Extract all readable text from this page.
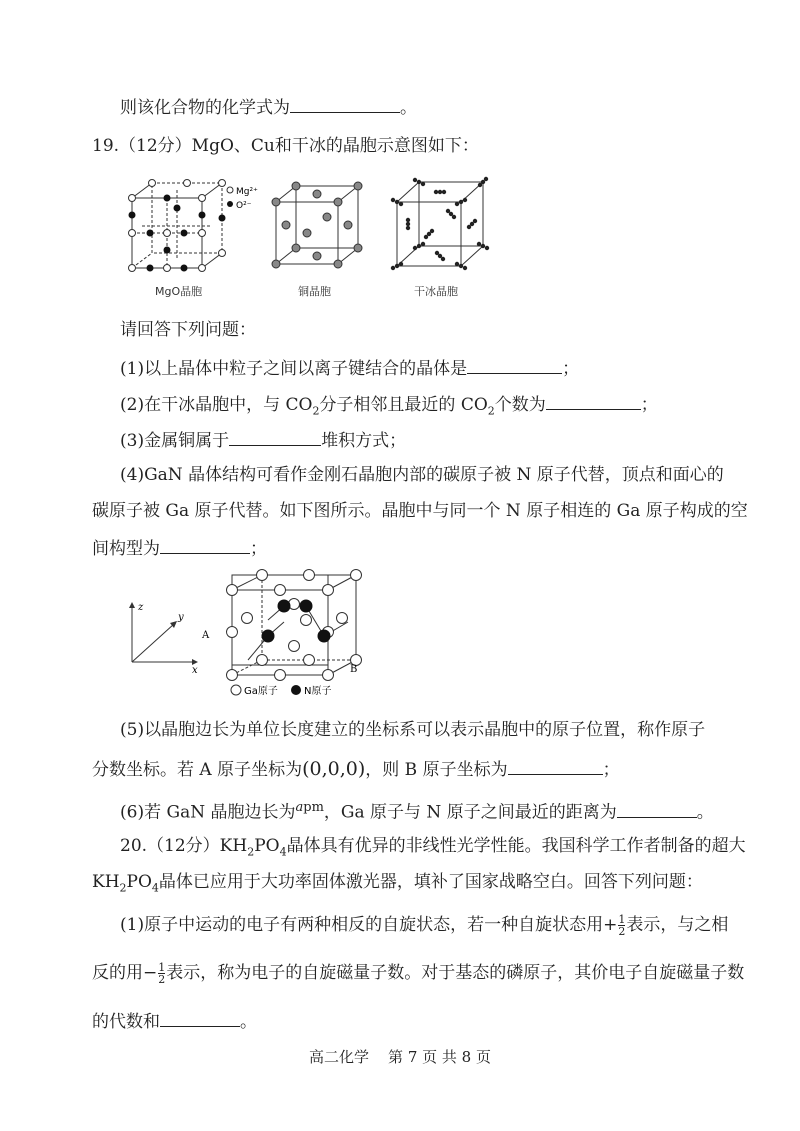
则该化合物的化学式为	。
19.（12分）MgO、Cu和干冰的晶胞示意图如下：
Mg²⁺
O²⁻
MgO晶胞	铜晶胞	干冰晶胞
请回答下列问题：
(1)以上晶体中粒子之间以离子键结合的晶体是	；
(2)在干冰晶胞中，与 $CO_2$分子相邻且最近的 $CO_2$个数为	；
(3)金属铜属于	堆积方式；
(4)GaN 晶体结构可看作金刚石晶胞内部的碳原子被 N 原子代替，顶点和面心的
碳原子被 Ga 原子代替。如下图所示。晶胞中与同一个 N 原子相连的 Ga 原子构成的空
间构型为	；
z
y
x
A
B
Ga原子	N原子
(5)以晶胞边长为单位长度建立的坐标系可以表示晶胞中的原子位置，称作原子
分数坐标。若 A 原子坐标为(0,0,0)，则 B 原子坐标为	；
(6)若 GaN 晶胞边长为$^{apm}$，Ga 原子与 N 原子之间最近的距离为	。
20.（12分）$KH_2PO_4$晶体具有优异的非线性光学性能。我国科学工作者制备的超大
$KH_2PO_4$晶体已应用于大功率固体激光器，填补了国家战略空白。回答下列问题：
(1)原子中运动的电子有两种相反的自旋状态，若一种自旋状态用+ $\frac{1}{2}$ 表示，与之相
反的用− $\frac{1}{2}$ 表示，称为电子的自旋磁量子数。对于基态的磷原子，其价电子自旋磁量子数
的代数和	。
高二化学    第 7 页 共 8 页
